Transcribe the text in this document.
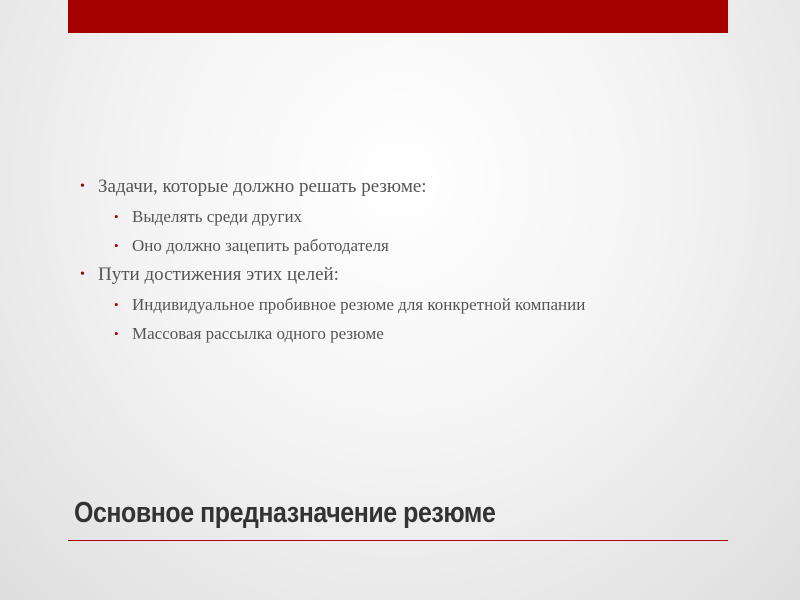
• Задачи, которые должно решать резюме:
• Выделять среди других
• Оно должно зацепить работодателя
• Пути достижения этих целей:
• Индивидуальное пробивное резюме для конкретной компании
• Массовая рассылка одного резюме
Основное предназначение резюме
